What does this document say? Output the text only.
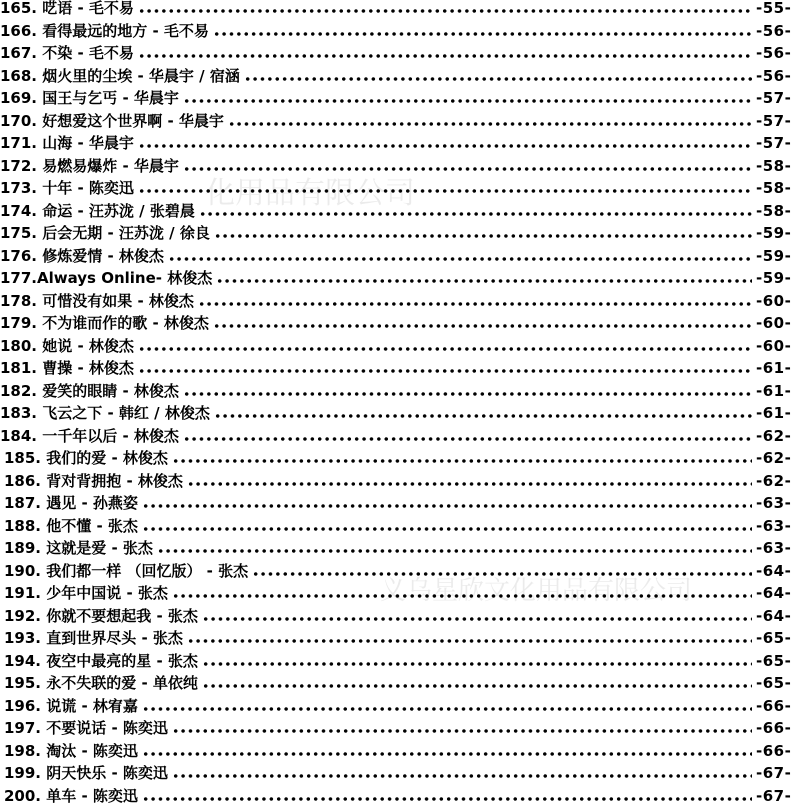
化用品有限公司
义乌星欣文化用品有限公司
165. 呓语 - 毛不易	-55-
166. 看得最远的地方 - 毛不易	-56-
167. 不染 - 毛不易	-56-
168. 烟火里的尘埃 - 华晨宇 / 宿涵	-56-
169. 国王与乞丐 - 华晨宇	-57-
170. 好想爱这个世界啊 - 华晨宇	-57-
171. 山海 - 华晨宇	-57-
172. 易燃易爆炸 - 华晨宇	-58-
173. 十年 - 陈奕迅	-58-
174. 命运 - 汪苏泷 / 张碧晨	-58-
175. 后会无期 - 汪苏泷 / 徐良	-59-
176. 修炼爱情 - 林俊杰	-59-
177.Always Online- 林俊杰	-59-
178. 可惜没有如果 - 林俊杰	-60-
179. 不为谁而作的歌 - 林俊杰	-60-
180. 她说 - 林俊杰	-60-
181. 曹操 - 林俊杰	-61-
182. 爱笑的眼睛 - 林俊杰	-61-
183. 飞云之下 - 韩红 / 林俊杰	-61-
184. 一千年以后 - 林俊杰	-62-
185. 我们的爱 - 林俊杰	-62-
186. 背对背拥抱 - 林俊杰	-62-
187. 遇见 - 孙燕姿	-63-
188. 他不懂 - 张杰	-63-
189. 这就是爱 - 张杰	-63-
190. 我们都一样 （回忆版） - 张杰	-64-
191. 少年中国说 - 张杰	-64-
192. 你就不要想起我 - 张杰	-64-
193. 直到世界尽头 - 张杰	-65-
194. 夜空中最亮的星 - 张杰	-65-
195. 永不失联的爱 - 单依纯	-65-
196. 说谎 - 林宥嘉	-66-
197. 不要说话 - 陈奕迅	-66-
198. 淘汰 - 陈奕迅	-66-
199. 阴天快乐 - 陈奕迅	-67-
200. 单车 - 陈奕迅	-67-
